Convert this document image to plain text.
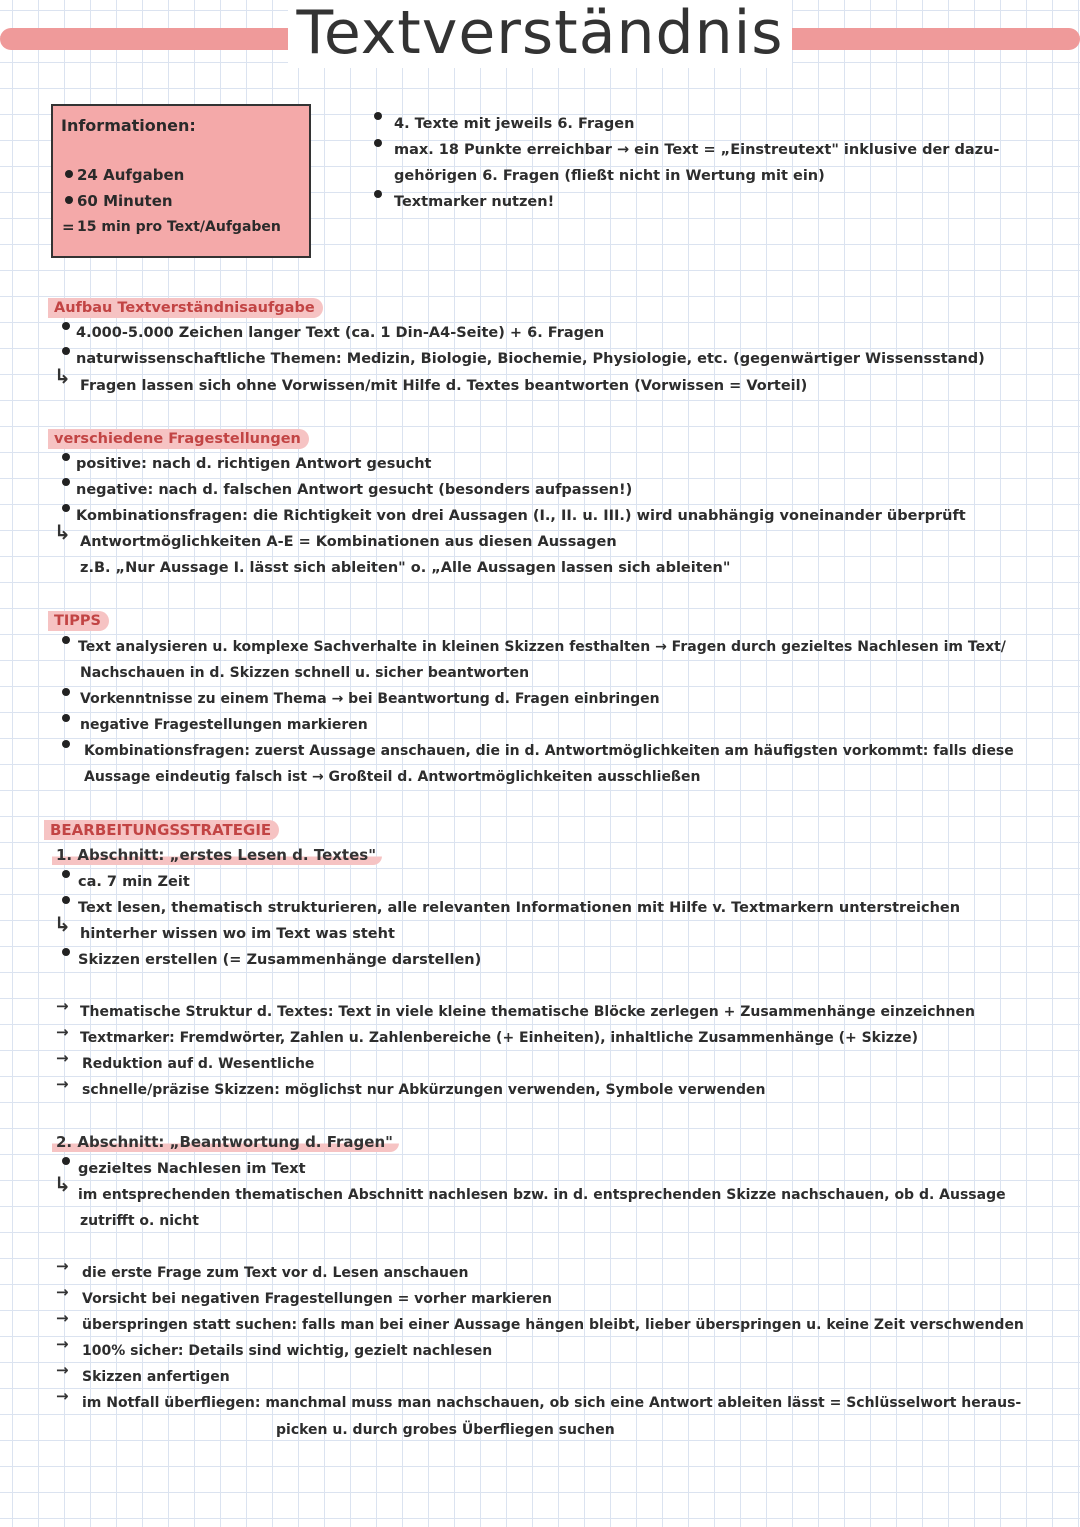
Textverständnis
Informationen:
24 Aufgaben
60 Minuten
= 15 min pro Text/Aufgaben
4. Texte mit jeweils 6. Fragen
max. 18 Punkte erreichbar → ein Text = „Einstreutext" inklusive der dazu-
gehörigen 6. Fragen (fließt nicht in Wertung mit ein)
Textmarker nutzen!
Aufbau Textverständnisaufgabe
4.000-5.000 Zeichen langer Text (ca. 1 Din-A4-Seite) + 6. Fragen
naturwissenschaftliche Themen: Medizin, Biologie, Biochemie, Physiologie, etc. (gegenwärtiger Wissensstand)
↳ Fragen lassen sich ohne Vorwissen/mit Hilfe d. Textes beantworten (Vorwissen = Vorteil)
verschiedene Fragestellungen
positive: nach d. richtigen Antwort gesucht
negative: nach d. falschen Antwort gesucht (besonders aufpassen!)
Kombinationsfragen: die Richtigkeit von drei Aussagen (I., II. u. III.) wird unabhängig voneinander überprüft
↳ Antwortmöglichkeiten A-E = Kombinationen aus diesen Aussagen
z.B. „Nur Aussage I. lässt sich ableiten" o. „Alle Aussagen lassen sich ableiten"
TIPPS
Text analysieren u. komplexe Sachverhalte in kleinen Skizzen festhalten → Fragen durch gezieltes Nachlesen im Text/
Nachschauen in d. Skizzen schnell u. sicher beantworten
Vorkenntnisse zu einem Thema → bei Beantwortung d. Fragen einbringen
negative Fragestellungen markieren
Kombinationsfragen: zuerst Aussage anschauen, die in d. Antwortmöglichkeiten am häufigsten vorkommt: falls diese
Aussage eindeutig falsch ist → Großteil d. Antwortmöglichkeiten ausschließen
BEARBEITUNGSSTRATEGIE
1. Abschnitt: „erstes Lesen d. Textes"
ca. 7 min Zeit
Text lesen, thematisch strukturieren, alle relevanten Informationen mit Hilfe v. Textmarkern unterstreichen
↳ hinterher wissen wo im Text was steht
Skizzen erstellen (= Zusammenhänge darstellen)
→ Thematische Struktur d. Textes: Text in viele kleine thematische Blöcke zerlegen + Zusammenhänge einzeichnen
→ Textmarker: Fremdwörter, Zahlen u. Zahlenbereiche (+ Einheiten), inhaltliche Zusammenhänge (+ Skizze)
→ Reduktion auf d. Wesentliche
→ schnelle/präzise Skizzen: möglichst nur Abkürzungen verwenden, Symbole verwenden
2. Abschnitt: „Beantwortung d. Fragen"
gezieltes Nachlesen im Text
↳ im entsprechenden thematischen Abschnitt nachlesen bzw. in d. entsprechenden Skizze nachschauen, ob d. Aussage
zutrifft o. nicht
→ die erste Frage zum Text vor d. Lesen anschauen
→ Vorsicht bei negativen Fragestellungen = vorher markieren
→ überspringen statt suchen: falls man bei einer Aussage hängen bleibt, lieber überspringen u. keine Zeit verschwenden
→ 100% sicher: Details sind wichtig, gezielt nachlesen
→ Skizzen anfertigen
→ im Notfall überfliegen: manchmal muss man nachschauen, ob sich eine Antwort ableiten lässt = Schlüsselwort heraus-
picken u. durch grobes Überfliegen suchen
